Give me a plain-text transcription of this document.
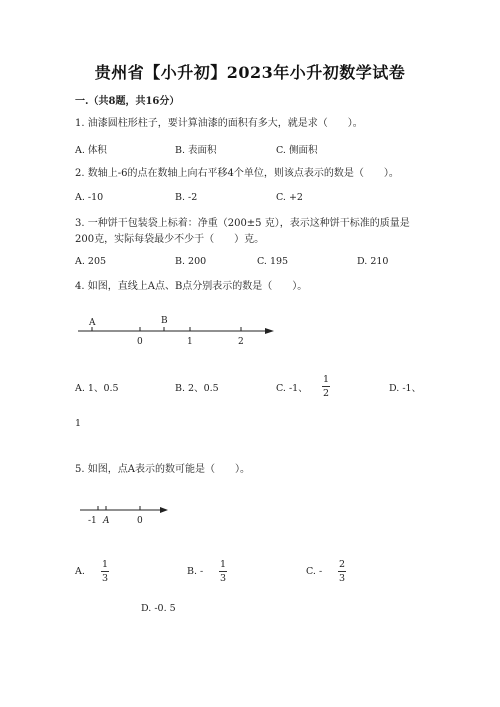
贵州省【小升初】2023年小升初数学试卷
一.（共8题，共16分）
1. 油漆圆柱形柱子，要计算油漆的面积有多大，就是求（　　）。
A. 体积	B. 表面积	C. 侧面积
2. 数轴上-6的点在数轴上向右平移4个单位，则该点表示的数是（　　）。
A. -10	B. -2	C. +2
3. 一种饼干包装袋上标着：净重（200±5 克），表示这种饼干标准的质量是
200克，实际每袋最少不少于（　　）克。
A. 205	B. 200	C. 195	D. 210
4. 如图，直线上A点、B点分别表示的数是（　　）。
A	B
0	1	2
A. 1、0.5	B. 2、0.5	C. -1、
1
2	D. -1、
1
5. 如图，点A表示的数可能是（　　）。
-1 A	0
A.
1
3
B. -
1
3
C. -
2
3
D. -0. 5
